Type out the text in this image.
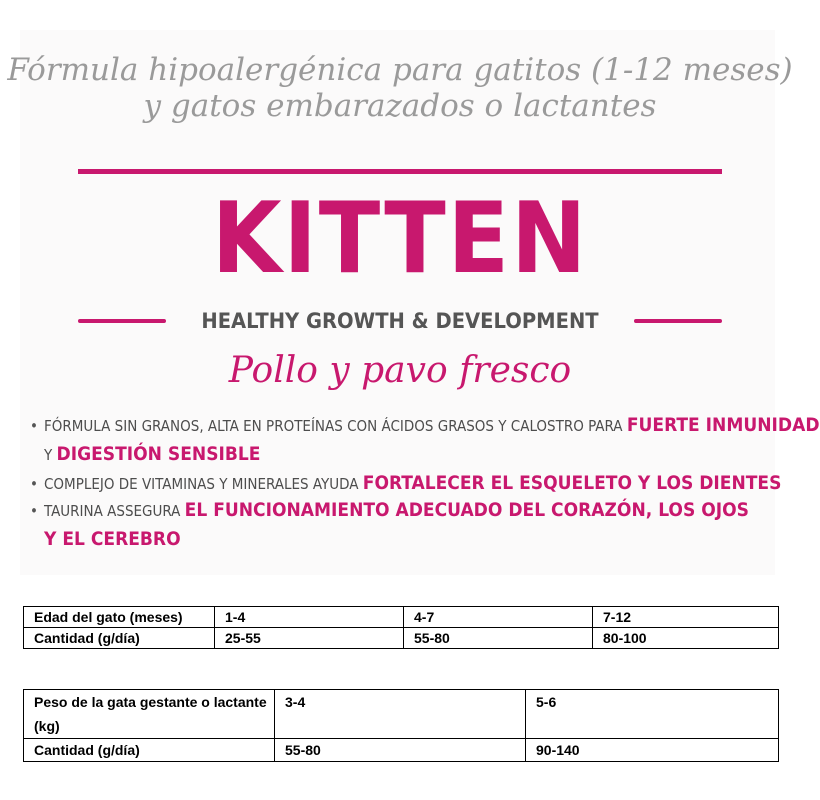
Fórmula hipoalergénica para gatitos (1-12 meses)
y gatos embarazados o lactantes
KITTEN
HEALTHY GROWTH & DEVELOPMENT
Pollo y pavo fresco
• FÓRMULA SIN GRANOS, ALTA EN PROTEÍNAS CON ÁCIDOS GRASOS Y CALOSTRO PARA FUERTE INMUNIDAD
Y DIGESTIÓN SENSIBLE
• COMPLEJO DE VITAMINAS Y MINERALES AYUDA FORTALECER EL ESQUELETO Y LOS DIENTES
• TAURINA ASSEGURA EL FUNCIONAMIENTO ADECUADO DEL CORAZÓN, LOS OJOS
Y EL CEREBRO
Edad del gato (meses)	1-4	4-7	7-12
Cantidad (g/día)	25-55	55-80	80-100
Peso de la gata gestante o lactante (kg)	3-4	5-6
Cantidad (g/día)	55-80	90-140
